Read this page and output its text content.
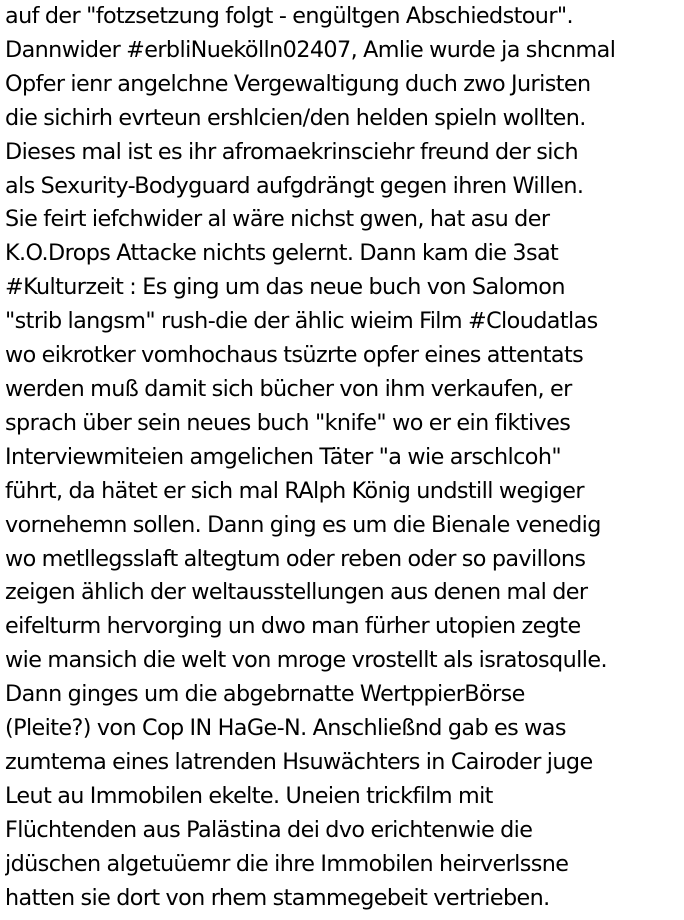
auf der "fotzsetzung folgt - engültgen Abschiedstour".
Dannwider #erbliNuekölln02407, Amlie wurde ja shcnmal
Opfer ienr angelchne Vergewaltigung duch zwo Juristen
die sichirh evrteun ershlcien/den helden spieln wollten.
Dieses mal ist es ihr afromaekrinsciehr freund der sich
als Sexurity-Bodyguard aufgdrängt gegen ihren Willen.
Sie feirt iefchwider al wäre nichst gwen, hat asu der
K.O.Drops Attacke nichts gelernt. Dann kam die 3sat
#Kulturzeit : Es ging um das neue buch von Salomon
"strib langsm" rush-die der ählic wieim Film #Cloudatlas
wo eikrotker vomhochaus tsüzrte opfer eines attentats
werden muß damit sich bücher von ihm verkaufen, er
sprach über sein neues buch "knife" wo er ein fiktives
Interviewmiteien amgelichen Täter "a wie arschlcoh"
führt, da hätet er sich mal RAlph König undstill wegiger
vornehemn sollen. Dann ging es um die Bienale venedig
wo metllegsslaft altegtum oder reben oder so pavillons
zeigen ählich der weltausstellungen aus denen mal der
eifelturm hervorging un dwo man fürher utopien zegte
wie mansich die welt von mroge vrostellt als isratosqulle.
Dann ginges um die abgebrnatte WertppierBörse
(Pleite?) von Cop IN HaGe-N. Anschließnd gab es was
zumtema eines latrenden Hsuwächters in Cairoder juge
Leut au Immobilen ekelte. Uneien trickfilm mit
Flüchtenden aus Palästina dei dvo erichtenwie die
jdüschen algetuüemr die ihre Immobilen heirverlssne
hatten sie dort von rhem stammegebeit vertrieben.
